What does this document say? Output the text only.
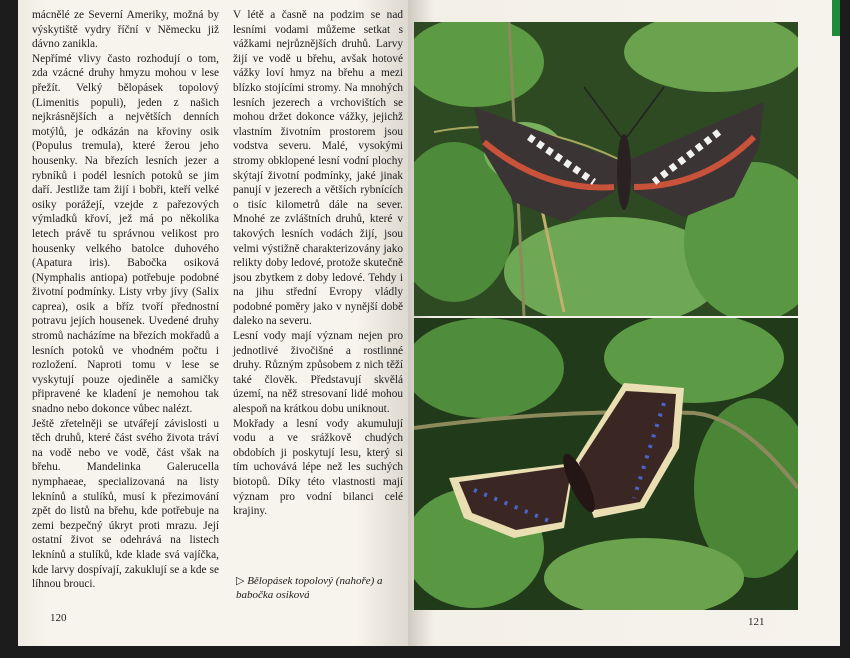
mácnělé ze Severní Ameriky, možná by výskytiště vydry říční v Německu již dávno zanikla.

Nepřímé vlivy často rozhodují o tom, zda vzácné druhy hmyzu mohou v lese přežít. Velký bělopásek topolový (Limenitis populi), jeden z našich nejkrásnějších a největších denních motýlů, je odkázán na křoviny osik (Populus tremula), které žerou jeho housenky. Na březích lesních jezer a rybníků i podél lesních potoků se jim daří. Jestliže tam žijí i bobři, kteří velké osiky porážejí, vzejde z pařezových výmladků křoví, jež má po několika letech právě tu správnou velikost pro housenky velkého batolce duhového (Apatura iris). Babočka osiková (Nymphalis antiopa) potřebuje podobné životní podmínky. Listy vrby jívy (Salix caprea), osik a bříz tvoří přednostní potravu jejích housenek. Uvedené druhy stromů nacházíme na březích mokřadů a lesních potoků ve vhodném počtu i rozložení. Naproti tomu v lese se vyskytují pouze ojediněle a samičky připravené ke kladení je nemohou tak snadno nebo dokonce vůbec nalézt.

Ještě zřetelněji se utvářejí závislosti u těch druhů, které část svého života tráví na vodě nebo ve vodě, část však na břehu. Mandelinka Galerucella nymphaeae, specializovaná na listy leknínů a stulíků, musí k přezimování zpět do listů na břehu, kde potřebuje na zemi bezpečný úkryt proti mrazu. Její ostatní život se odehrává na listech leknínů a stulíků, kde klade svá vajíčka, kde larvy dospívají, zakuklují se a kde se líhnou brouci.

V létě a časně na podzim se nad lesními vodami můžeme setkat s vážkami nejrůznějších druhů. Larvy žijí ve vodě u břehu, avšak hotové vážky loví hmyz na břehu a mezi blízko stojícími stromy. Na mnohých lesních jezerech a vrchovištích se mohou držet dokonce vážky, jejichž vlastním životním prostorem jsou vodstva severu. Malé, vysokými stromy obklopené lesní vodní plochy skýtají životní podmínky, jaké jinak panují v jezerech a větších rybnících o tisíc kilometrů dále na sever. Mnohé ze zvláštních druhů, které v takových lesních vodách žijí, jsou velmi výstižně charakterizovány jako relikty doby ledové, protože skutečně jsou zbytkem z doby ledové. Tehdy i na jihu střední Evropy vládly podobné poměry jako v nynější době daleko na severu.

Lesní vody mají význam nejen pro jednotlivé živočišné a rostlinné druhy. Různým způsobem z nich těží také člověk. Představují skvělá území, na něž stresovaní lidé mohou alespoň na krátkou dobu uniknout.

Mokřady a lesní vody akumulují vodu a ve srážkově chudých obdobích ji poskytují lesu, který si tím uchovává lépe než les suchých biotopů. Díky této vlastnosti mají význam pro vodní bilanci celé krajiny.

▷ Bělopásek topolový (nahoře) a babočka osiková
120	121
